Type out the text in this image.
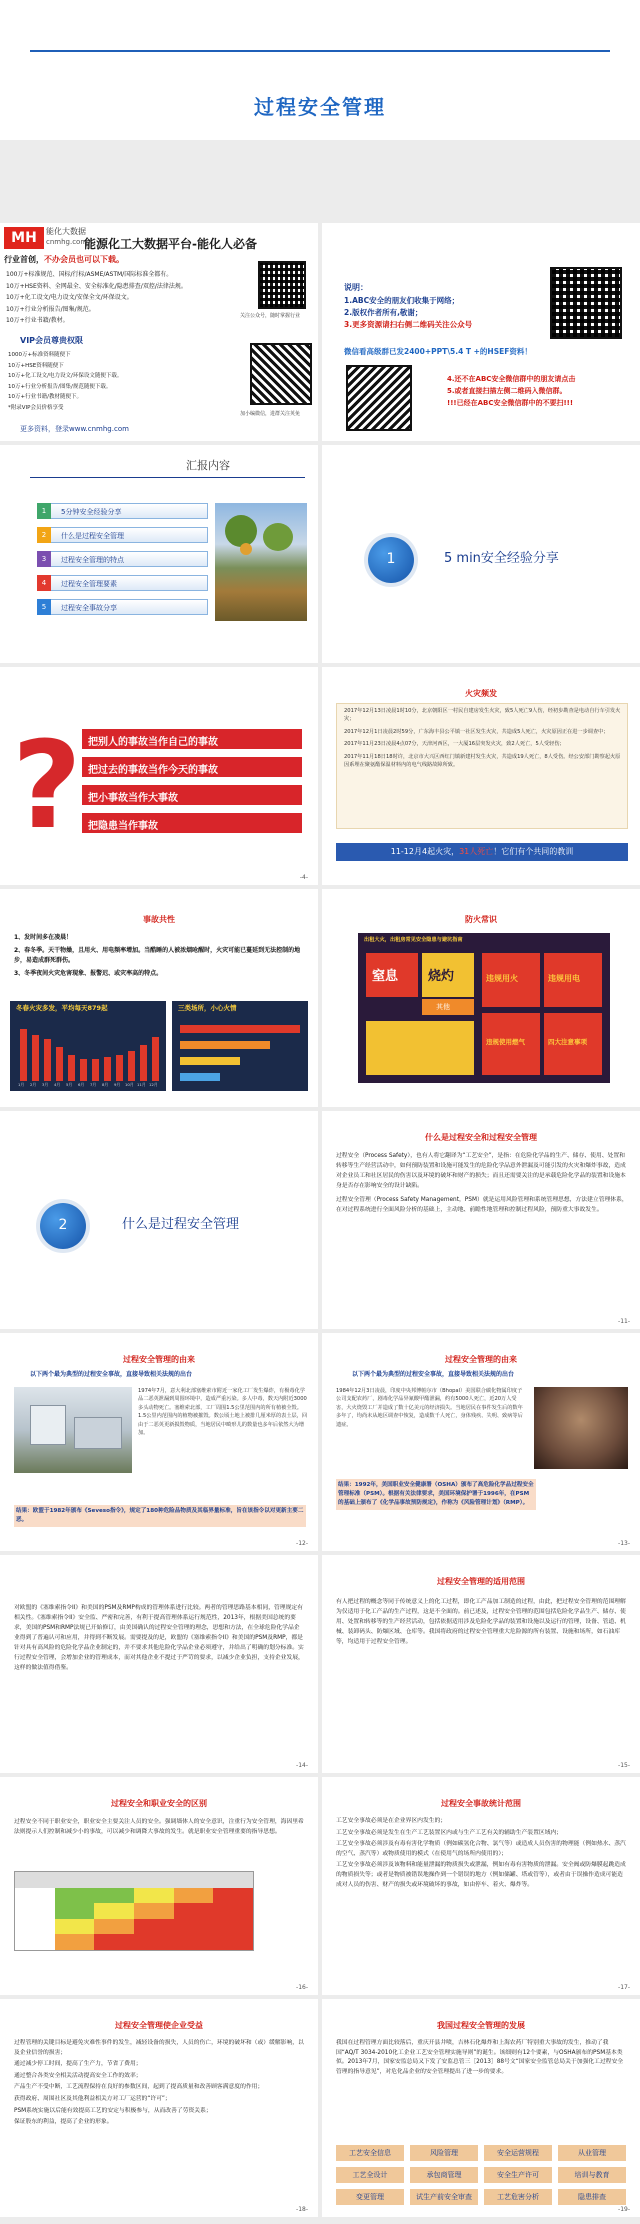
过程安全管理
MH	能化大数据
cnmhg.com
能源化工大数据平台-能化人必备
行业首创，不办会员也可以下载。
100万+标准规范、国标/行标/ASME/ASTM/国际标准全都有。
10万+HSE资料、全网最全、安全标准化/隐患排查/双控/法律法规。
10万+化工设文/电力设文/安保全文/环保设文。
10万+行业分析报告/图集/规范。
10万+行业书籍/教材。
关注公众号，随时掌握行业
VIP会员尊贵权限
1000万+标准资料随便下
10万+HSE资料随便下
10万+化工设文/电力设文/环保设文随便下载。
10万+行业分析报告/图集/规范随便下载。
10万+行业书籍/教材随便下。
*附录VIP会员价格享受
加小编微信，进群关注英免
更多资料，登录www.cnmhg.com
说明：
1.ABC安全的朋友们收集于网络；
2.版权作者所有,敬谢；
3.更多资源请扫右侧二维码关注公众号
微信看高级群已发2400+PPT\5.4 T +的HSEF资料！
4.还不在ABC安全微信群中的朋友请点击
5.或者直接扫描左侧二维码入微信群。
!!!已经在ABC安全微信群中的不要扫!!!
汇报内容
1	5分钟安全经验分享
2	什么是过程安全管理
3	过程安全管理的特点
4	过程安全管理要素
5	过程安全事故分享
1	5 min安全经验分享
? 把别人的事故当作自己的事故
把过去的事故当作今天的事故
把小事故当作大事故
把隐患当作事故
-4-
火灾频发
2017年12月13日凌晨1时10分，北京朝阳区一村民自建房发生火灾，致5人死亡9人伤，经初步勘查是电动自行车引发火灾；
2017年12月1日凌晨2时59分，广东海丰县公平镇一社区发生火灾，共造成5人死亡，火灾原因正在进一步调查中；
2017年11月23日凌晨4点07分，天津河西区，一大厦16层突发火灾，致2人死亡，5人受轻伤；
2017年11月18日18时许，北京市大兴区西红门镇新建村发生火灾，共造成19人死亡，8人受伤。经公安部门勘察起火原因系埋在聚氨酯保温材料内的电气线路故障所致。
11-12月4起火灾，31人死亡！它们有个共同的教训
事故共性
1、发时间多在凌晨！
2、春冬季。天干物燥，且用火、用电频率增加。当酷睡的人被浓烟呛醒时，火灾可能已蔓延到无法控制的地步，易造成群死群伤。
3、冬季夜间火灾危害现象、报警迟、或灾率高的特点。
冬春火灾多发，平均每天879起
1月 2月 3月 4月 5月 6月 7月 8月 9月 10月 11月 12月
三类场所，小心火情
防火常识
出租大火，出租房常见安全隐患与避坑指南
窒息 烧灼
其他
违规用火	违规用电
违规使用燃气	四大注意事项
2	什么是过程安全管理
什么是过程安全和过程安全管理
过程安全（Process Safety），也有人将它翻译为“工艺安全”，是指：在危险化学品的生产、储存、使用、处置和转移等生产经营活动中，如何预防装置和设施可能发生的危险化学品意外泄漏及可能引发的火灾和爆炸事故，造成对企业员工和社区居民的伤害以及环境的破坏和财产的损失；而且还需要关注的是承载危险化学品的装置和设施本身是否存在影响安全的设计缺陷。
过程安全管理（Process Safety Management，PSM）就是运用风险管理和系统管理思想，方法建立管理体系，在对过程系统进行全面风险分析的基础上，主动地、前瞻性地管理和控制过程风险，预防重大事故发生。
-11-
过程安全管理的由来
以下两个最为典型的过程安全事故，直接导致相关法规的出台
1974年7月，意大利北部塞维索市附近一家化工厂发生爆炸，有极毒化学品二恶英泄漏到周围环境中，造成严重污染。多人中毒，数天内附近3000多头动物死亡。塞维索北部，工厂周围1.5公里范围内的所有植被全毁。1.5公里内范围内的植物被摧毁。数公顷土地上被排几厘米厚的表土层，回由于二恶英更新损毁物质，当地居民中畸形儿的数量也多年后依然大为增加。
结果：欧盟于1982年颁布《Seveso指令》，规定了180种危险品物质及其临界量标准，旨在该指令以对更新主要二恶。
-12-
过程安全管理的由来
以下两个最为典型的过程安全事故，直接导致相关法规的出台
1984年12月3日凌晨，印度中央邦博帕尔市（Bhopal）美国联合碳化物属印度子公司支配农药厂，剧毒化学品异氰酸甲酯泄漏，约有5000人死亡，近20万人受害，大火烧毁工厂并造成了数十亿美元的经济损失。当地居民在事件发生后的数年多年了，均尚未从地区调查中恢复，造成数千人死亡，身体残疾、失明、致病等后遗症。
结果：1992年，美国职业安全健康署（OSHA）颁布了高危险化学品过程安全管理标准（PSM）。根据有关法律要求，美国环境保护署于1996年，在PSM的基础上颁布了《化学品事故预防规定》，作称为《风险管理计划》（RMP）。
-13-
对欧盟的《塞维索指令II》和美国的PSM及RMP构成的管理体系进行比较。两者的管理思路基本相同，管理规定有相关性。《塞维索指令II》安全监、严密和完善，有利于提高管理体系运行规范性，2013年，根据美国总统的要求，美国的PSM和RMP法规已开始修订，由美国确认的过程安全管理的理念，思想和方法，在全球危险化学品企业得到了普遍认可和应用，并得到不断发展。需要提及的是，欧盟的《塞维索指令II》和美国的PSM及RMP，都是针对具有高风险的危险化学品企业制定的，并不要求其他危险化学品企业必须遵守，并给出了明确的划分标准。实行过程安全管理，会增加企业的管理成本，而对其他企业不提过于严苛的要求，以减少企业负担，支持企业发展，这样的做法值得借鉴。
-14-
过程安全管理的适用范围
有人把过程的概念等同于传统意义上的化工过程，即化工产品加工制造的过程，由此，把过程安全管理的范围理解为仅适用于化工产品的生产过程，这是不全面的。前已述及，过程安全管理的范围包括危险化学品生产、储存、使用、处置和转移等的生产经营活动，包括依据适用涉及危险化学品的装置和设施以及运行的管理，设备、管道、机械、装卸码头、防爆区域、仓库等。我国将政府的过程安全管理重大危险源的所有装置、设施和场所，如石油库等，均适用于过程安全管理。
-15-
过程安全和职业安全的区别
过程安全不同于职业安全，职业安全主要关注人员的安全。强调墙体人的安全意识，注重行为安全管理，海因里希法则提示人们控制和减少小的事故，可以减少和调降大事故的发生。就是职业安全管理重要的指导思想。
-16-
过程安全事故统计范围
工艺安全事故必须是在企业界区内发生的；
工艺安全事故必须是发生在生产工艺装置区内或与生产工艺有关的辅助生产装置区域内；
工艺安全事故必须涉及有毒有害化学物质（例如碳氢化合物、氯气等）或造成人员伤害的物理能（例如热水、蒸汽的空气、蒸汽等）或物质使用的模式（在使用气的场所内使用的）；
工艺安全事故必须涉及该物料和能量泄漏的物质损失或泄漏，例如有毒有害物质的泄漏。安全阀或防爆膜起跳造成的物质损失等；或者是物质被错误地操作到一个错误的地方（例如储罐、塔或管等），或者由于误操作造成可能造成对人员的伤害、财产的损失或环境破坏的事故，如由停车、着火、爆炸等。
-17-
过程安全管理使企业受益
过程管理的关键目标是避免灾难性事件的发生，减轻设备的损失，人员的伤亡，环境的破坏和（或）缓解影响，以及企业信誉的损害；
通过减少停工时间，提高了生产力，节省了费用；
通过整合各类安全相关活动提高安全工作的效率；
产品生产不受中断，工艺流程保持在良好的参数区间，起到了提高质量和改善顾客满意度的作用；
获得政府、周围社区及其他利益相关方对工厂运营的“许可”；
PSM系统实施以后能有效提高工艺的安定与积极参与，从而改善了劳资关系；
保证股东的利益，提高了企业的形象。
-18-
我国过程安全管理的发展
我国在过程管理方面比较落后，重庆开县井喷，吉林石化爆炸和上海农药厂特别重大事故的发生，推动了我国“AQ/T 3034-2010化工企业工艺安全管理实施导则”的诞生。该细则有12个要素，与OSHA颁布的PSM基本类似。2013年7月，国家安监总局又下发了安监总管三［2013］88号文“国家安全监管总局关于加强化工过程安全管理的指导意见”，对危化品企业的安全管理提出了进一步的要求。
工艺安全信息	风险管理	安全运营规程	从业管理
工艺全设计	承包商管理	安全生产许可	培训与教育
变更管理	试生产前安全审查	工艺危害分析	隐患排查
-19-
